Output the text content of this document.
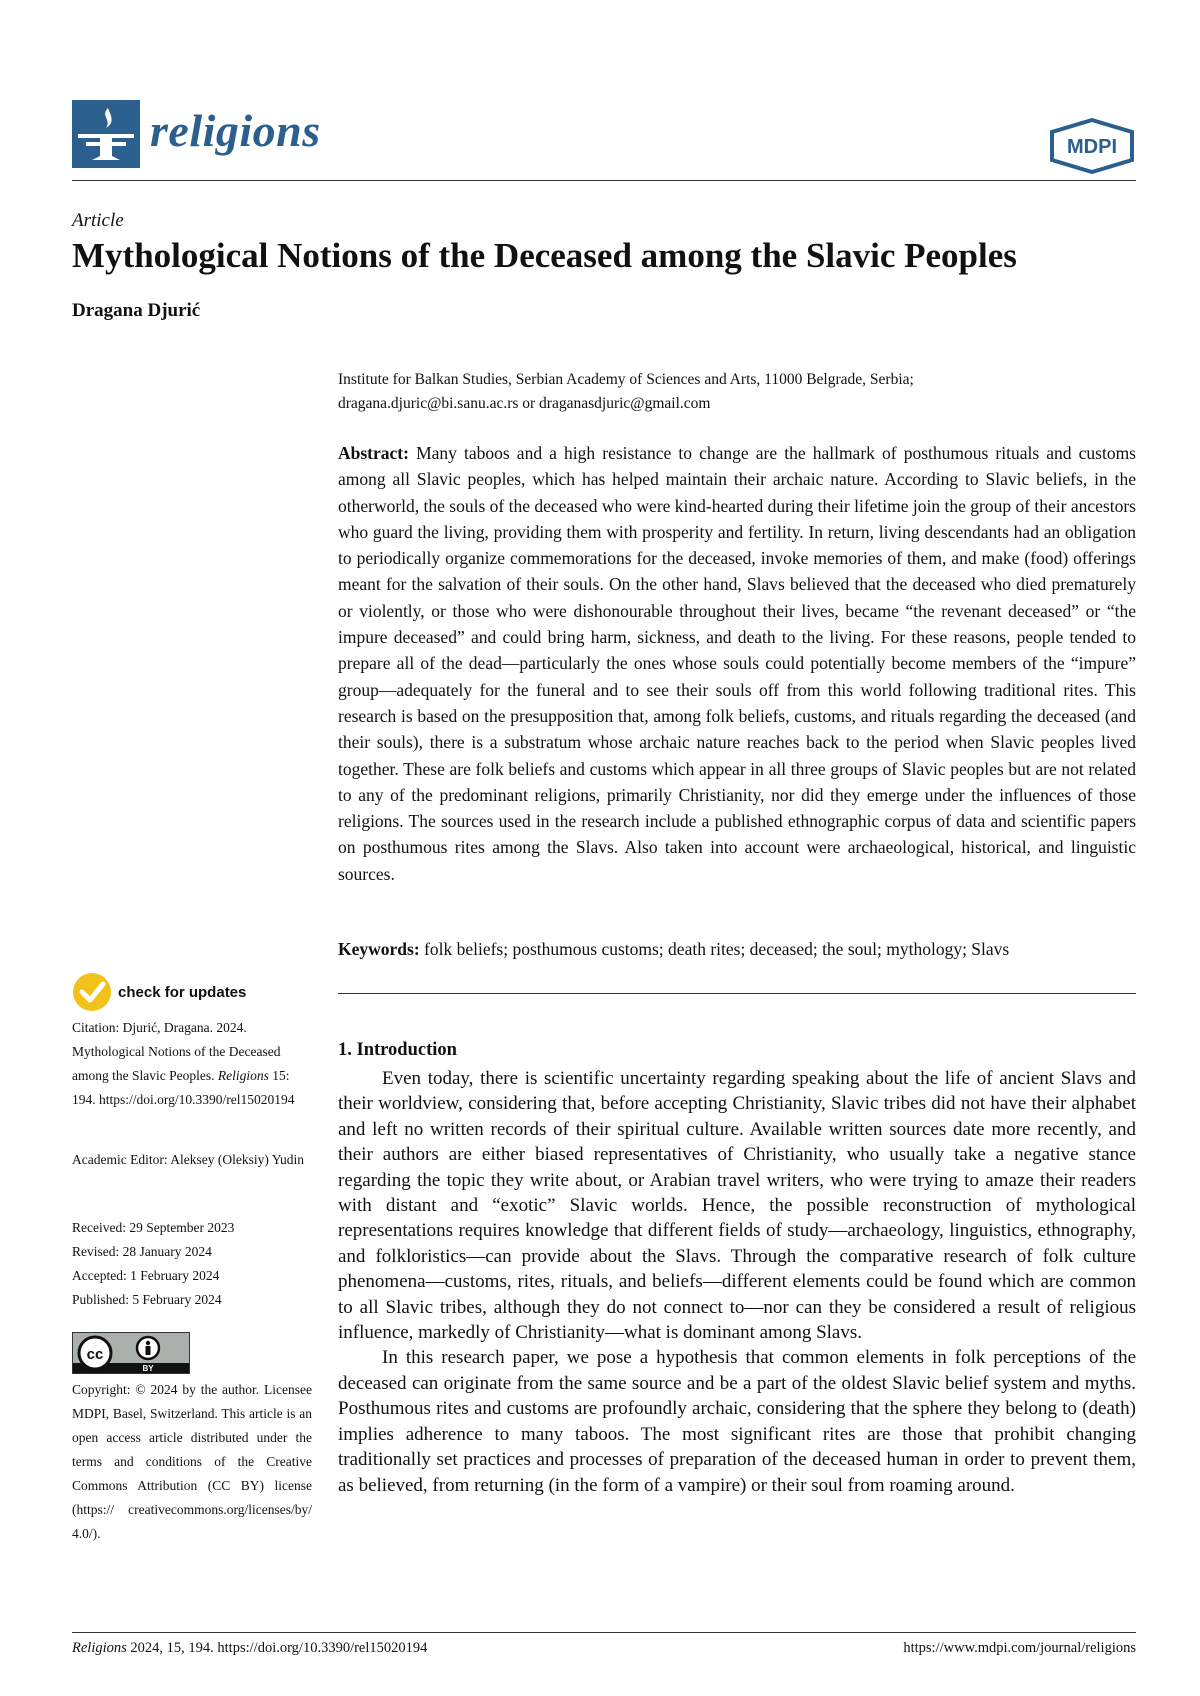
religions	MDPI
Article
Mythological Notions of the Deceased among the Slavic Peoples
Dragana Djurić
Institute for Balkan Studies, Serbian Academy of Sciences and Arts, 11000 Belgrade, Serbia;
dragana.djuric@bi.sanu.ac.rs or draganasdjuric@gmail.com
Abstract: Many taboos and a high resistance to change are the hallmark of posthumous rituals and customs among all Slavic peoples, which has helped maintain their archaic nature. According to Slavic beliefs, in the otherworld, the souls of the deceased who were kind-hearted during their lifetime join the group of their ancestors who guard the living, providing them with prosperity and fertility. In return, living descendants had an obligation to periodically organize commemorations for the deceased, invoke memories of them, and make (food) offerings meant for the salvation of their souls. On the other hand, Slavs believed that the deceased who died prematurely or violently, or those who were dishonourable throughout their lives, became “the revenant deceased” or “the impure deceased” and could bring harm, sickness, and death to the living. For these reasons, people tended to prepare all of the dead—particularly the ones whose souls could potentially become members of the “impure” group—adequately for the funeral and to see their souls off from this world following traditional rites. This research is based on the presupposition that, among folk beliefs, customs, and rituals regarding the deceased (and their souls), there is a substratum whose archaic nature reaches back to the period when Slavic peoples lived together. These are folk beliefs and customs which appear in all three groups of Slavic peoples but are not related to any of the predominant religions, primarily Christianity, nor did they emerge under the influences of those religions. The sources used in the research include a published ethnographic corpus of data and scientific papers on posthumous rites among the Slavs. Also taken into account were archaeological, historical, and linguistic sources.
Keywords: folk beliefs; posthumous customs; death rites; deceased; the soul; mythology; Slavs
1. Introduction

Even today, there is scientific uncertainty regarding speaking about the life of ancient Slavs and their worldview, considering that, before accepting Christianity, Slavic tribes did not have their alphabet and left no written records of their spiritual culture. Available written sources date more recently, and their authors are either biased representatives of Christianity, who usually take a negative stance regarding the topic they write about, or Arabian travel writers, who were trying to amaze their readers with distant and “exotic” Slavic worlds. Hence, the possible reconstruction of mythological representations requires knowledge that different fields of study—archaeology, linguistics, ethnography, and folkloristics—can provide about the Slavs. Through the comparative research of folk culture phenomena—customs, rites, rituals, and beliefs—different elements could be found which are common to all Slavic tribes, although they do not connect to—nor can they be considered a result of religious influence, markedly of Christianity—what is dominant among Slavs.

In this research paper, we pose a hypothesis that common elements in folk perceptions of the deceased can originate from the same source and be a part of the oldest Slavic belief system and myths. Posthumous rites and customs are profoundly archaic, considering that the sphere they belong to (death) implies adherence to many taboos. The most significant rites are those that prohibit changing traditionally set practices and processes of preparation of the deceased human in order to prevent them, as believed, from returning (in the form of a vampire) or their soul from roaming around.

check for updates
Citation: Djurić, Dragana. 2024. Mythological Notions of the Deceased among the Slavic Peoples. Religions 15: 194. https://doi.org/10.3390/rel15020194
Academic Editor: Aleksey (Oleksiy) Yudin
Received: 29 September 2023
Revised: 28 January 2024
Accepted: 1 February 2024
Published: 5 February 2024
cc
BY
Copyright: © 2024 by the author. Licensee MDPI, Basel, Switzerland. This article is an open access article distributed under the terms and conditions of the Creative Commons Attribution (CC BY) license (https:// creativecommons.org/licenses/by/ 4.0/).
Religions 2024, 15, 194. https://doi.org/10.3390/rel15020194	https://www.mdpi.com/journal/religions
